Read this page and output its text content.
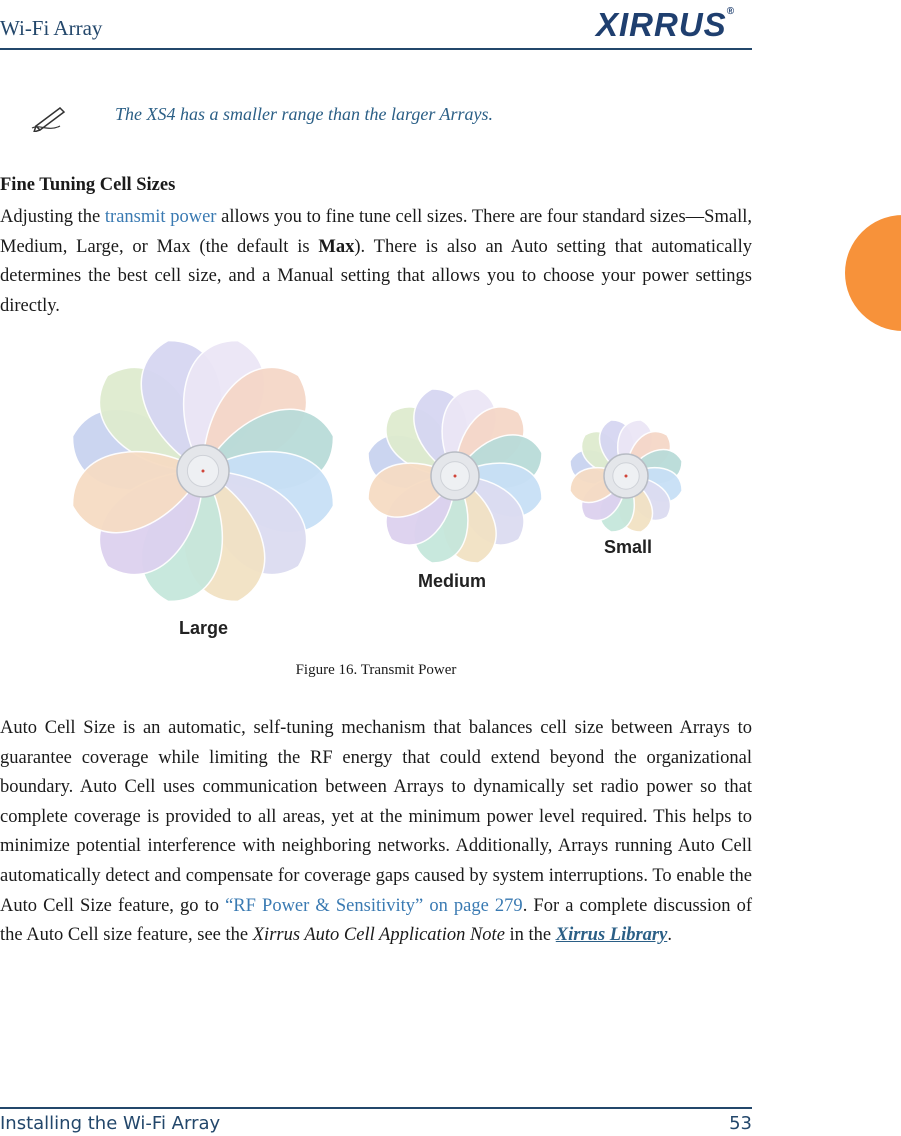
Wi-Fi Array	XIRRUS®
The XS4 has a smaller range than the larger Arrays.
Fine Tuning Cell Sizes
Adjusting the transmit power allows you to fine tune cell sizes. There are four standard sizes—Small, Medium, Large, or Max (the default is Max). There is also an Auto setting that automatically determines the best cell size, and a Manual setting that allows you to choose your power settings directly.
Large
Medium
Small
Figure 16. Transmit Power
Auto Cell Size is an automatic, self-tuning mechanism that balances cell size between Arrays to guarantee coverage while limiting the RF energy that could extend beyond the organizational boundary. Auto Cell uses communication between Arrays to dynamically set radio power so that complete coverage is provided to all areas, yet at the minimum power level required. This helps to minimize potential interference with neighboring networks. Additionally, Arrays running Auto Cell automatically detect and compensate for coverage gaps caused by system interruptions. To enable the Auto Cell Size feature, go to “RF Power & Sensitivity” on page 279. For a complete discussion of the Auto Cell size feature, see the Xirrus Auto Cell Application Note in the Xirrus Library.
Installing the Wi-Fi Array	53
